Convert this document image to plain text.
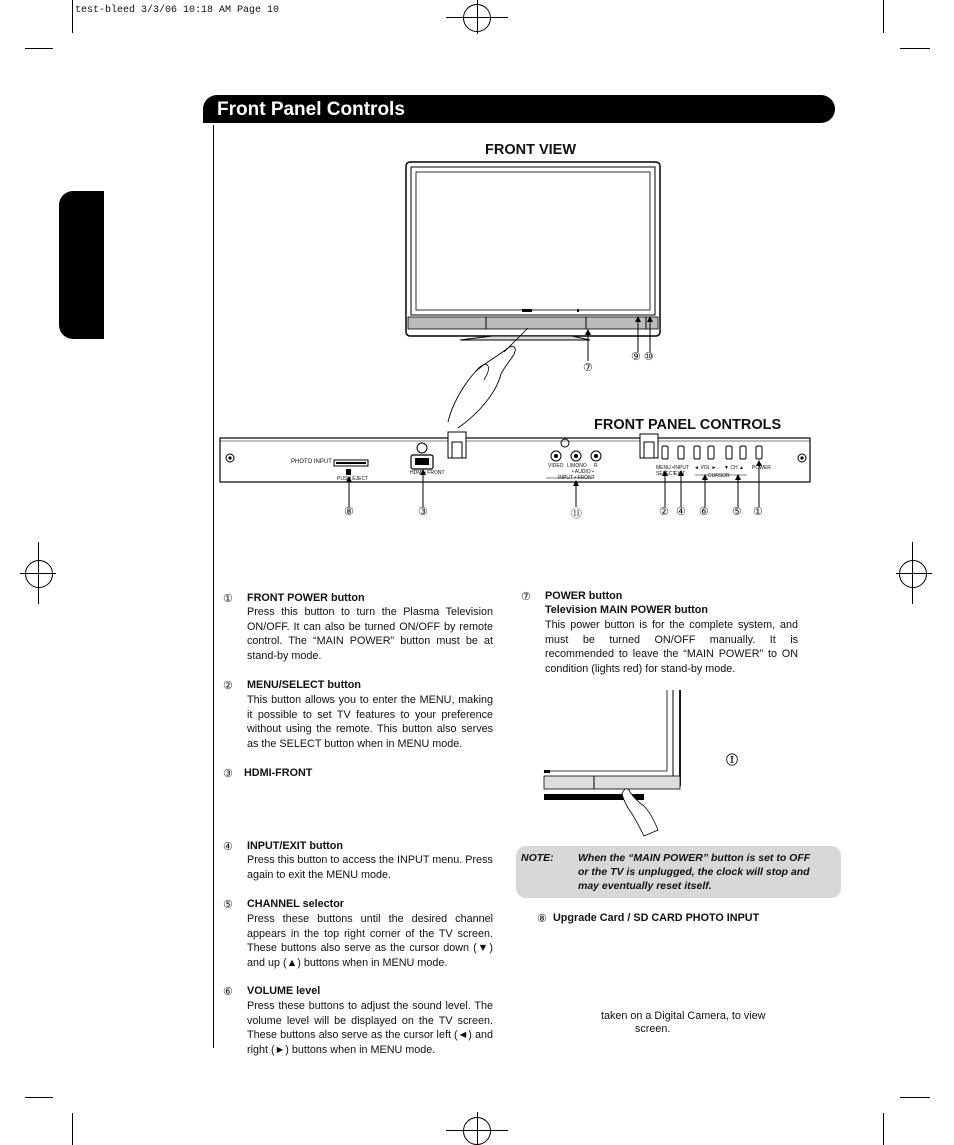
test-bleed 3/3/06 10:18 AM Page 10
Front Panel Controls
FRONT VIEW
⑨ ⑩
⑦
FRONT PANEL CONTROLS
PHOTO INPUT
PUSH EJECT
HDMI • FRONT
VIDEO L/MONO R
• AUDIO •
INPUT • FRONT
MENU • SELECT
INPUT EXIT
◄ VOL ► ▼ CH ▲
CURSOR
POWER
⑧	③	⑪	② ④ ⑥ ⑤ ①
① FRONT POWER button
Press this button to turn the Plasma Television ON/OFF. It can also be turned ON/OFF by remote control. The “MAIN POWER” button must be at stand-by mode.
② MENU/SELECT button
This button allows you to enter the MENU, making it possible to set TV features to your preference without using the remote. This button also serves as the SELECT button when in MENU mode.
③ HDMI-FRONT
④ INPUT/EXIT button
Press this button to access the INPUT menu. Press again to exit the MENU mode.
⑤ CHANNEL selector
Press these buttons until the desired channel appears in the top right corner of the TV screen. These buttons also serve as the cursor down (▼) and up (▲) buttons when in MENU mode.
⑥ VOLUME level
Press these buttons to adjust the sound level. The volume level will be displayed on the TV screen. These buttons also serve as the cursor left (◄) and right (►) buttons when in MENU mode.
⑦ POWER button
Television MAIN POWER button
This power button is for the complete system, and must be turned ON/OFF manually. It is recommended to leave the “MAIN POWER” to ON condition (lights red) for stand-by mode.
Ⓘ
NOTE: When the “MAIN POWER” button is set to OFF or the TV is unplugged, the clock will stop and may eventually reset itself.
⑧ Upgrade Card / SD CARD PHOTO INPUT
taken on a Digital Camera, to view
screen.
